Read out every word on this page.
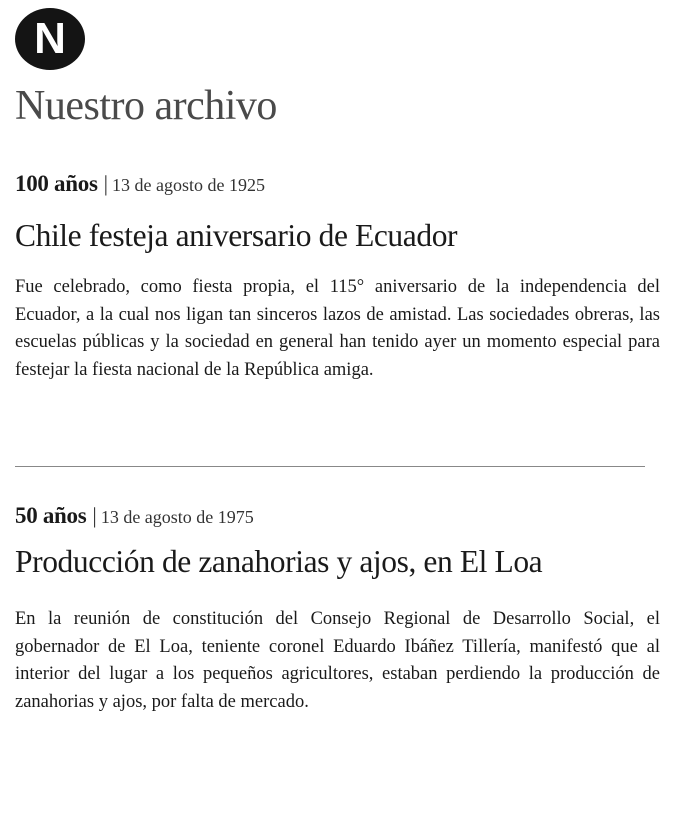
N
Nuestro archivo
100 años | 13 de agosto de 1925
Chile festeja aniversario de Ecuador
Fue celebrado, como fiesta propia, el 115° aniversario de la independencia del Ecuador, a la cual nos ligan tan sinceros lazos de amistad. Las sociedades obreras, las escuelas públicas y la sociedad en general han tenido ayer un momento especial para festejar la fiesta nacional de la República amiga.
50 años | 13 de agosto de 1975
Producción de zanahorias y ajos, en El Loa
En la reunión de constitución del Consejo Regional de Desarrollo Social, el gobernador de El Loa, teniente coronel Eduardo Ibáñez Tillería, manifestó que al interior del lugar a los pequeños agricultores, estaban perdiendo la producción de zanahorias y ajos, por falta de mercado.
